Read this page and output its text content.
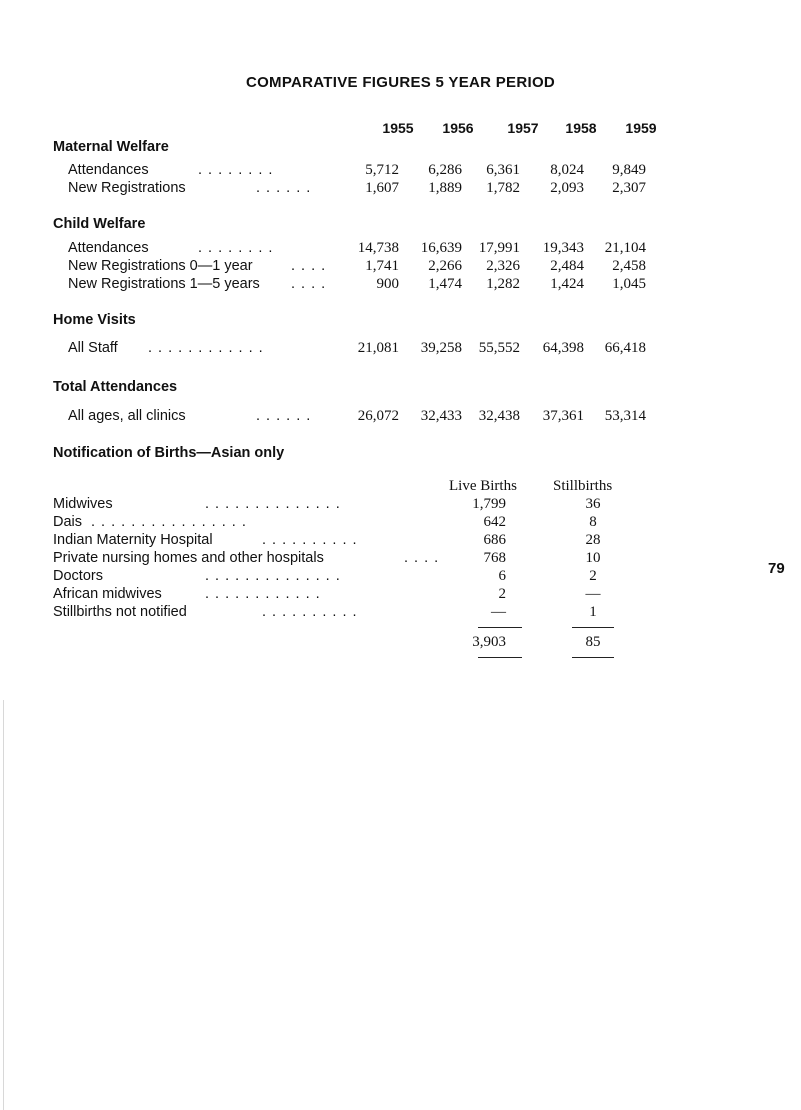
COMPARATIVE FIGURES 5 YEAR PERIOD
1955	1956	1957	1958	1959
Maternal Welfare
Attendances	. . . . . . . .	5,712	6,286	6,361	8,024	9,849
New Registrations	. . . . . .	1,607	1,889	1,782	2,093	2,307
Child Welfare
Attendances	. . . . . . . .	14,738	16,639	17,991	19,343	21,104
New Registrations 0—1 year	. . . .	1,741	2,266	2,326	2,484	2,458
New Registrations 1—5 years . . . .	900	1,474	1,282	1,424	1,045
Home Visits
All Staff . . . . . . . . . . . .	21,081	39,258	55,552	64,398	66,418
Total Attendances
All ages, all clinics	. . . . . .	26,072	32,433	32,438	37,361	53,314
Notification of Births—Asian only
Live Births Stillbirths
Midwives	. . . . . . . . . . . . . .	1,799	36
Dais . . . . . . . . . . . . . . . .	642	8
Indian Maternity Hospital	. . . . . . . . . .	686	28
Private nursing homes and other hospitals	. . . .	768	10
Doctors	. . . . . . . . . . . . . .	6	2
African midwives	. . . . . . . . . . . .	2	—
Stillbirths not notified	. . . . . . . . . .	—	1
3,903	85
79
